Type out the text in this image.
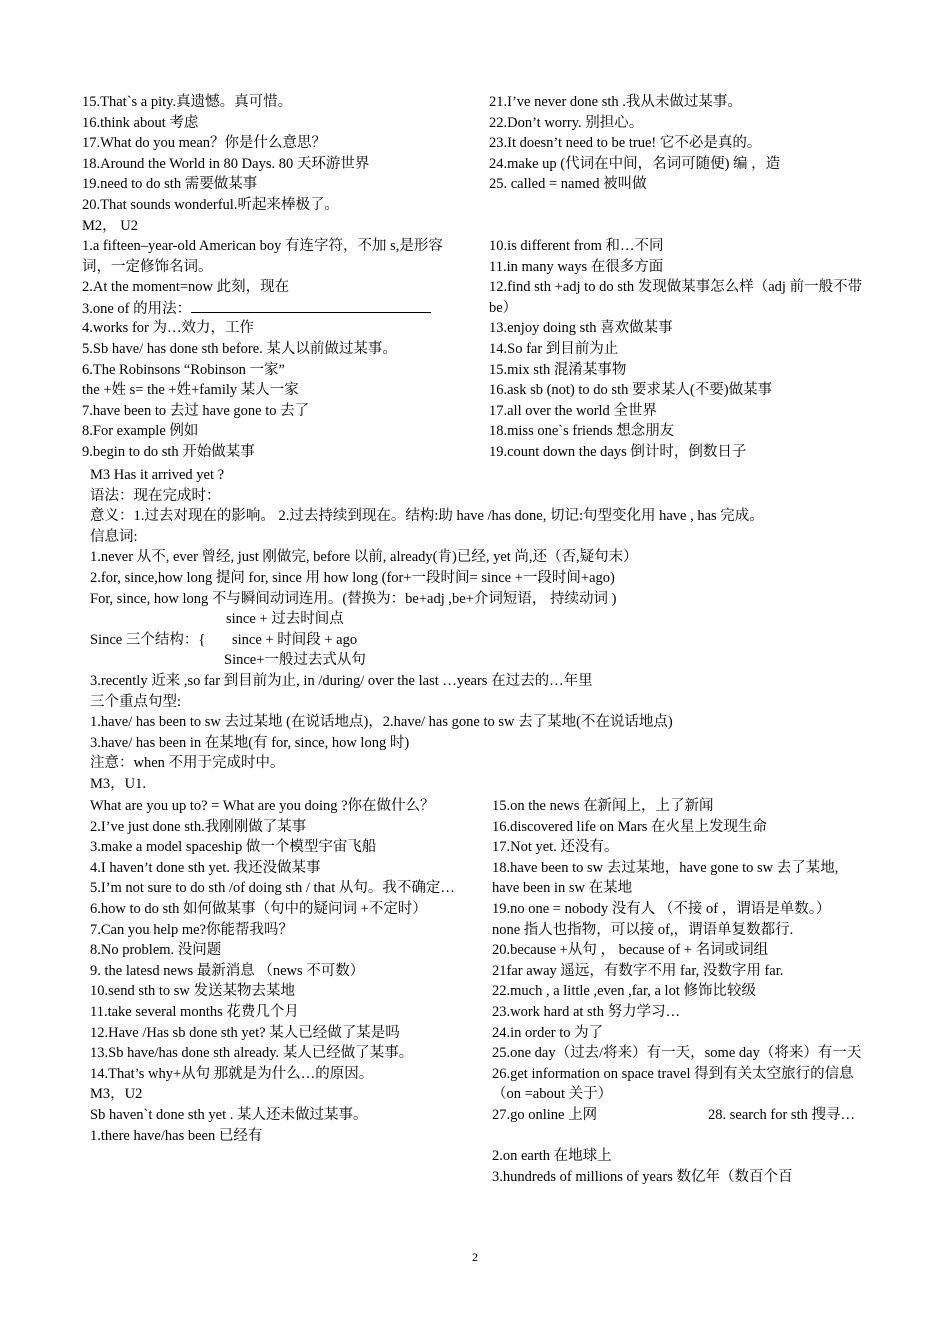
15.That`s a pity.真遗憾。真可惜。
16.think about 考虑
17.What do you mean？你是什么意思？
18.Around the World in 80 Days. 80 天环游世界
19.need to do sth 需要做某事
20.That sounds wonderful.听起来棒极了。
M2， U2
21.I’ve never done sth .我从未做过某事。
22.Don’t worry. 别担心。
23.It doesn’t need to be true! 它不必是真的。
24.make up (代词在中间，名词可随便) 编 ，造
25. called = named 被叫做
1.a fifteen–year-old American boy 有连字符，不加 s,是形容词，一定修饰名词。
2.At the moment=now 此刻，现在
3.one of 的用法：
4.works for 为…效力，工作
5.Sb have/ has done sth before. 某人以前做过某事。
6.The Robinsons “Robinson 一家”
the +姓 s= the +姓+family 某人一家
7.have been to 去过 have gone to 去了
8.For example 例如
9.begin to do sth 开始做某事
10.is different from 和…不同
11.in many ways 在很多方面
12.find sth +adj to do sth 发现做某事怎么样（adj 前一般不带 be）
13.enjoy doing sth 喜欢做某事
14.So far 到目前为止
15.mix sth 混淆某事物
16.ask sb (not) to do sth 要求某人(不要)做某事
17.all over the world 全世界
18.miss one`s friends 想念朋友
19.count down the days 倒计时，倒数日子
M3 Has it arrived yet ?
语法：现在完成时：
意义：1.过去对现在的影响。 2.过去持续到现在。结构:助 have /has done, 切记:句型变化用 have , has 完成。
信息词:
1.never 从不, ever 曾经, just 刚做完, before 以前, already(肯)已经, yet 尚,还（否,疑句末）
2.for, since,how long 提问 for, since 用 how long (for+一段时间= since +一段时间+ago)
For, since, how long 不与瞬间动词连用。(替换为：be+adj ,be+介词短语， 持续动词 )
since + 过去时间点
Since 三个结构：{ since + 时间段 + ago
Since+一般过去式从句
3.recently 近来 ,so far 到目前为止, in /during/ over the last …years 在过去的…年里
三个重点句型:
1.have/ has been to sw 去过某地 (在说话地点)，2.have/ has gone to sw 去了某地(不在说话地点)
3.have/ has been in 在某地(有 for, since, how long 时)
注意：when 不用于完成时中。
M3，U1.
What are you up to? = What are you doing ?你在做什么？
2.I’ve just done sth.我刚刚做了某事
3.make a model spaceship 做一个模型宇宙飞船
4.I haven’t done sth yet. 我还没做某事
5.I’m not sure to do sth /of doing sth / that 从句。我不确定…
6.how to do sth 如何做某事（句中的疑问词 +不定时）
7.Can you help me?你能帮我吗？
8.No problem. 没问题
9. the latesd news 最新消息 （news 不可数）
10.send sth to sw 发送某物去某地
11.take several months 花费几个月
12.Have /Has sb done sth yet? 某人已经做了某是吗
13.Sb have/has done sth already. 某人已经做了某事。
14.That’s why+从句 那就是为什么…的原因。
M3，U2
Sb haven`t done sth yet . 某人还未做过某事。
1.there have/has been 已经有
15.on the news 在新闻上，上了新闻
16.discovered life on Mars 在火星上发现生命
17.Not yet. 还没有。
18.have been to sw 去过某地，have gone to sw 去了某地, have been in sw 在某地
19.no one = nobody 没有人 （不接 of ，谓语是单数。）
none 指人也指物，可以接 of,，谓语单复数都行.
20.because +从句 ， because of + 名词或词组
21far away 遥远，有数字不用 far, 没数字用 far.
22.much , a little ,even ,far, a lot 修饰比较级
23.work hard at sth 努力学习…
24.in order to 为了
25.one day（过去/将来）有一天，some day（将来）有一天
26.get information on space travel 得到有关太空旅行的信息（on =about 关于）
27.go online 上网	28. search for sth 搜寻…
2.on earth 在地球上
3.hundreds of millions of years 数亿年（数百个百
2
